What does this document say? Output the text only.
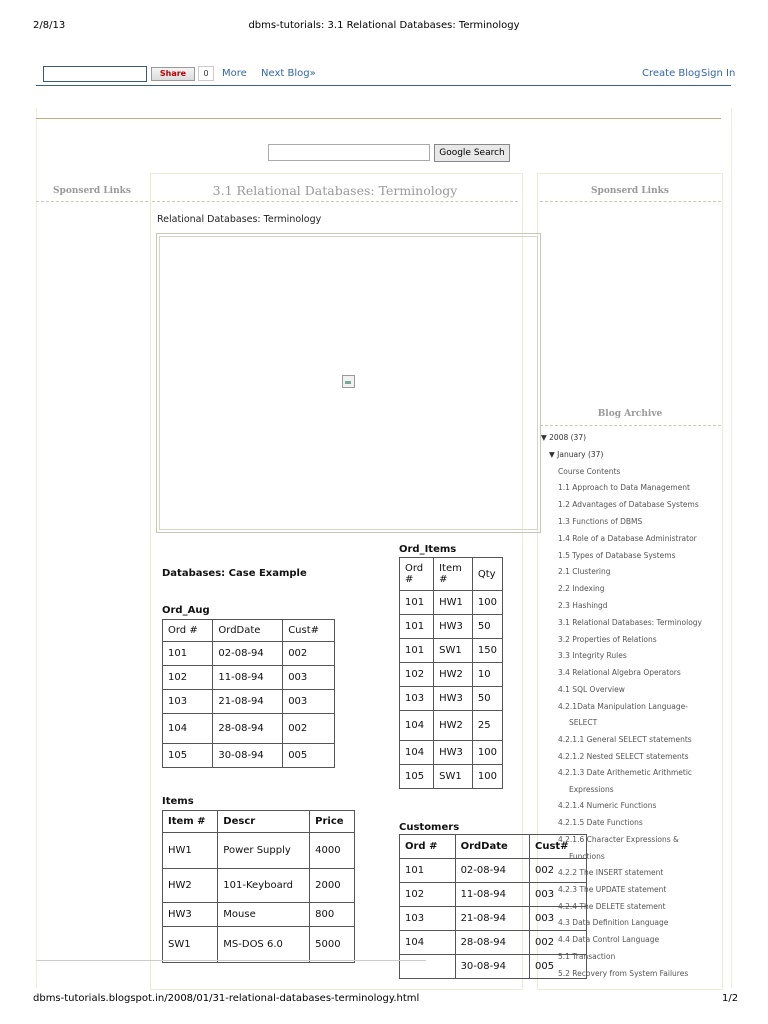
2/8/13	dbms-tutorials: 3.1 Relational Databases: Terminology
Share	0	More Next Blog»	Create Blog Sign In
Google Search
Sponserd Links	3.1 Relational Databases: Terminology
Relational Databases: Terminology
Sponserd Links
Blog Archive
▼ 2008 (37)
▼ January (37)
Course Contents
1.1 Approach to Data Management
1.2 Advantages of Database Systems
1.3 Functions of DBMS
1.4 Role of a Database Administrator
1.5 Types of Database Systems
2.1 Clustering
2.2 Indexing
2.3 Hashingd
3.1 Relational Databases: Terminology
3.2 Properties of Relations
3.3 Integrity Rules
3.4 Relational Algebra Operators
4.1 SQL Overview
4.2.1Data Manipulation Language-
SELECT
4.2.1.1 General SELECT statements
4.2.1.2 Nested SELECT statements
4.2.1.3 Date Arithemetic Arithmetic
Expressions
4.2.1.4 Numeric Functions
4.2.1.5 Date Functions
4.2.1.6 Character Expressions &
Functions
4.2.2 The INSERT statement
4.2.3 The UPDATE statement
4.2.4 The DELETE statement
4.3 Data Definition Language
4.4 Data Control Language
5.1 Transaction
5.2 Recovery from System Failures
Databases: Case Example
Ord_Aug
Ord_Items
Items
Customers
Ord #	OrdDate	Cust#
101	02-08-94	002
102	11-08-94	003
103	21-08-94	003
104	28-08-94	002
105	30-08-94	005
Ord #	Item #	Qty
101	HW1	100
101	HW3	50
101	SW1	150
102	HW2	10
103	HW3	50
104	HW2	25
104	HW3	100
105	SW1	100
Item #	Descr	Price
HW1	Power Supply	4000
HW2	101-Keyboard	2000
HW3	Mouse	800
SW1	MS-DOS 6.0	5000
Ord #	OrdDate	Cust#
101	02-08-94	002
102	11-08-94	003
103	21-08-94	003
104	28-08-94	002
	30-08-94	005
dbms-tutorials.blogspot.in/2008/01/31-relational-databases-terminology.html	1/2
